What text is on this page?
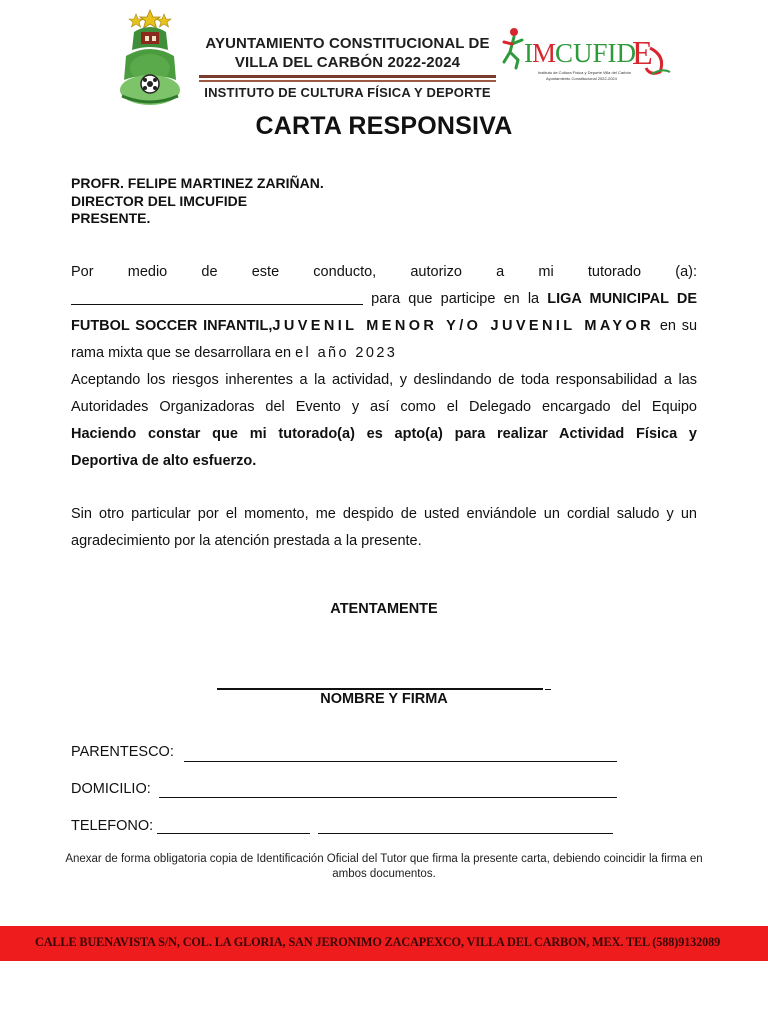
AYUNTAMIENTO CONSTITUCIONAL DE
VILLA DEL CARBÓN 2022-2024
INSTITUTO DE CULTURA FÍSICA Y DEPORTE
I M
CUFID
E
Instituto de Cultura Física y Deporte Villa del Carbón
Ayuntamiento Constitucional 2022-2024
CARTA RESPONSIVA
PROFR. FELIPE MARTINEZ ZARIÑAN.
DIRECTOR DEL IMCUFIDE
PRESENTE.
Por medio de este conducto, autorizo a mi tutorado (a):
para que participe en la LIGA MUNICIPAL DE
FUTBOL SOCCER INFANTIL,JUVENIL MENOR Y/O JUVENIL MAYOR en su
rama mixta que se desarrollara en el año 2023
Aceptando los riesgos inherentes a la actividad, y deslindando de toda responsabilidad a las
Autoridades Organizadoras del Evento y así como el Delegado encargado del Equipo
Haciendo constar que mi tutorado(a) es apto(a) para realizar Actividad Física y
Deportiva de alto esfuerzo.
Sin otro particular por el momento, me despido de usted enviándole un cordial saludo y un agradecimiento por la atención prestada a la presente.
ATENTAMENTE
NOMBRE Y FIRMA
PARENTESCO:
DOMICILIO:
TELEFONO:
Anexar de forma obligatoria copia de Identificación Oficial del Tutor que firma la presente carta, debiendo coincidir la firma en ambos documentos.
CALLE BUENAVISTA S/N, COL. LA GLORIA, SAN JERONIMO ZACAPEXCO, VILLA DEL CARBON, MEX. TEL (588)9132089
